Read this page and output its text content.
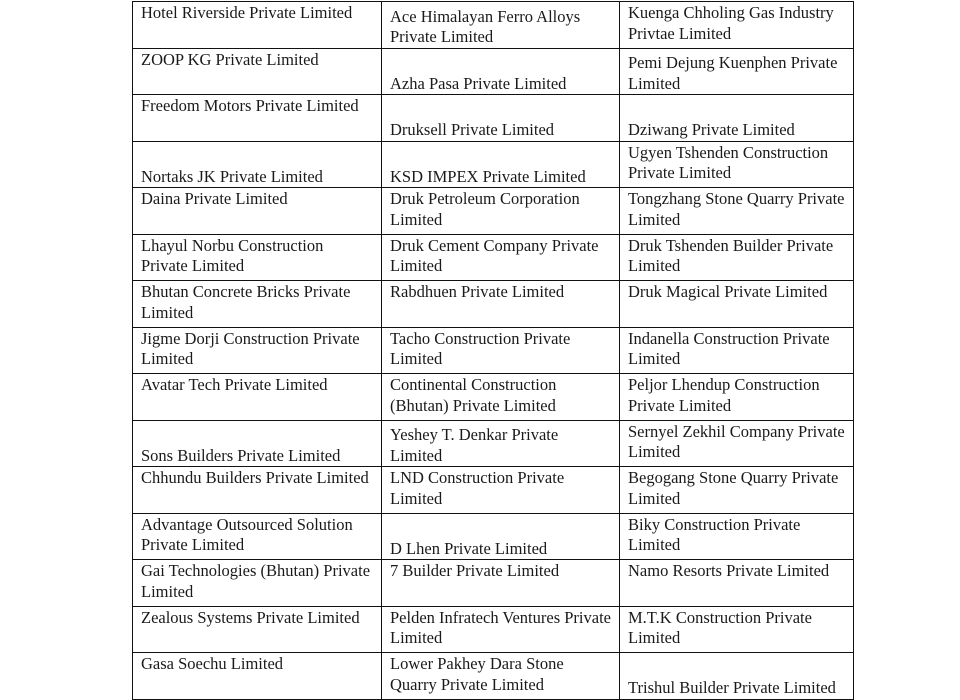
Hotel Riverside Private Limited	Ace Himalayan Ferro Alloys Private Limited	Kuenga Chholing Gas Industry Privtae Limited
ZOOP KG Private Limited	Azha Pasa Private Limited	Pemi Dejung Kuenphen Private Limited
Freedom Motors Private Limited	Druksell Private Limited	Dziwang Private Limited
Nortaks JK Private Limited	KSD IMPEX Private Limited	Ugyen Tshenden Construction Private Limited
Daina Private Limited	Druk Petroleum Corporation Limited	Tongzhang Stone Quarry Private Limited
Lhayul Norbu Construction Private Limited	Druk Cement Company Private Limited	Druk Tshenden Builder Private Limited
Bhutan Concrete Bricks Private Limited	Rabdhuen Private Limited	Druk Magical Private Limited
Jigme Dorji Construction Private Limited	Tacho Construction Private Limited	Indanella Construction Private Limited
Avatar Tech Private Limited	Continental Construction (Bhutan) Private Limited	Peljor Lhendup Construction Private Limited
Sons Builders Private Limited	Yeshey T. Denkar Private Limited	Sernyel Zekhil Company Private Limited
Chhundu Builders Private Limited	LND Construction Private Limited	Begogang Stone Quarry Private Limited
Advantage Outsourced Solution Private Limited	D Lhen Private Limited	Biky Construction Private Limited
Gai Technologies (Bhutan) Private Limited	7 Builder Private Limited	Namo Resorts Private Limited
Zealous Systems Private Limited	Pelden Infratech Ventures Private Limited	M.T.K Construction Private Limited
Gasa Soechu Limited	Lower Pakhey Dara Stone Quarry Private Limited	Trishul Builder Private Limited
